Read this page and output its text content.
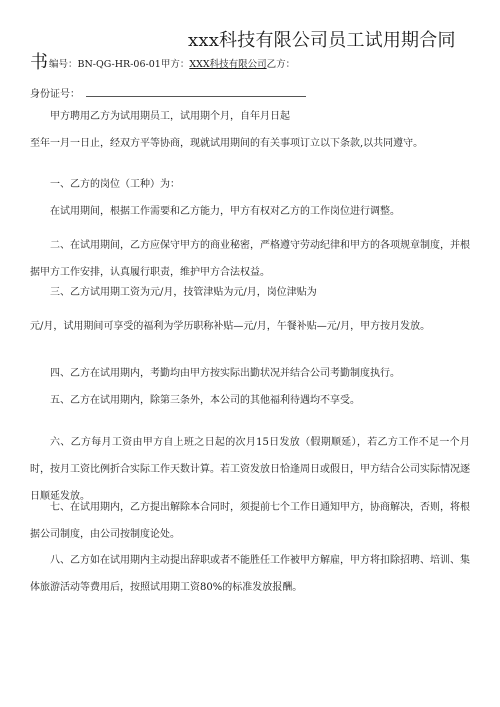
xxx科技有限公司员工试用期合同
书 编号：BN-QG-HR-06-01甲方：XXX科技有限公司乙方：
身份证号：
甲方聘用乙方为试用期员工，试用期个月，自年月日起
至年一月一日止，经双方平等协商，现就试用期间的有关事项订立以下条款,以共同遵守。
一、乙方的岗位（工种）为：
在试用期间，根据工作需要和乙方能力，甲方有权对乙方的工作岗位进行调整。
二、在试用期间，乙方应保守甲方的商业秘密，严格遵守劳动纪律和甲方的各项规章制度，并根据甲方工作安排，认真履行职责，维护甲方合法权益。
三、乙方试用期工资为元/月，技管津贴为元/月，岗位津贴为
元/月，试用期间可享受的福利为学历职称补贴—元/月，午餐补贴—元/月，甲方按月发放。
四、乙方在试用期内，考勤均由甲方按实际出勤状况并结合公司考勤制度执行。
五、乙方在试用期内，除第三条外，本公司的其他福利待遇均不享受。
六、乙方每月工资由甲方自上班之日起的次月15日发放（假期顺延），若乙方工作不足一个月时，按月工资比例折合实际工作天数计算。若工资发放日恰逢周日或假日，甲方结合公司实际情况逐日顺延发放。
七、在试用期内，乙方提出解除本合同时，须提前七个工作日通知甲方，协商解决，否则，将根据公司制度，由公司按制度论处。
八、乙方如在试用期内主动提出辞职或者不能胜任工作被甲方解雇，甲方将扣除招聘、培训、集体旅游活动等费用后，按照试用期工资80%的标准发放报酬。
